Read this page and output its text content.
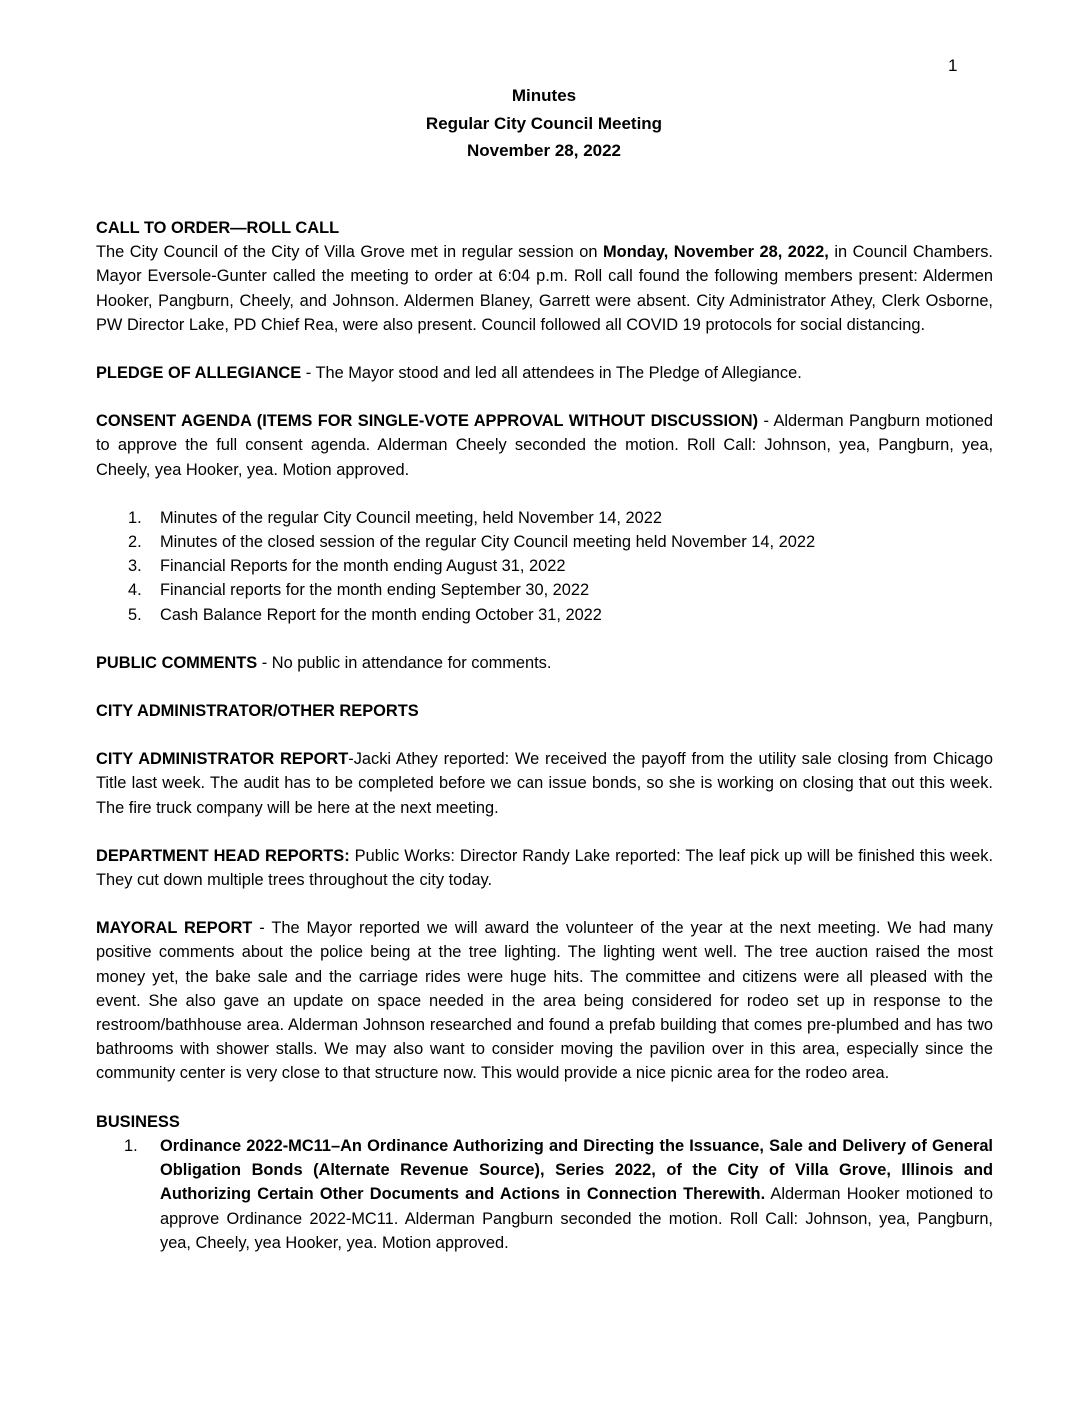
1
Minutes
Regular City Council Meeting
November 28, 2022

CALL TO ORDER—ROLL CALL
The City Council of the City of Villa Grove met in regular session on Monday, November 28, 2022, in Council Chambers. Mayor Eversole-Gunter called the meeting to order at 6:04 p.m. Roll call found the following members present: Aldermen Hooker, Pangburn, Cheely, and Johnson. Aldermen Blaney, Garrett were absent. City Administrator Athey, Clerk Osborne, PW Director Lake, PD Chief Rea, were also present. Council followed all COVID 19 protocols for social distancing.

PLEDGE OF ALLEGIANCE - The Mayor stood and led all attendees in The Pledge of Allegiance.

CONSENT AGENDA (ITEMS FOR SINGLE-VOTE APPROVAL WITHOUT DISCUSSION) - Alderman Pangburn motioned to approve the full consent agenda. Alderman Cheely seconded the motion. Roll Call: Johnson, yea, Pangburn, yea, Cheely, yea Hooker, yea. Motion approved.

1. Minutes of the regular City Council meeting, held November 14, 2022
2. Minutes of the closed session of the regular City Council meeting held November 14, 2022
3. Financial Reports for the month ending August 31, 2022
4. Financial reports for the month ending September 30, 2022
5. Cash Balance Report for the month ending October 31, 2022

PUBLIC COMMENTS - No public in attendance for comments.

CITY ADMINISTRATOR/OTHER REPORTS

CITY ADMINISTRATOR REPORT-Jacki Athey reported: We received the payoff from the utility sale closing from Chicago Title last week. The audit has to be completed before we can issue bonds, so she is working on closing that out this week. The fire truck company will be here at the next meeting.

DEPARTMENT HEAD REPORTS: Public Works: Director Randy Lake reported: The leaf pick up will be finished this week. They cut down multiple trees throughout the city today.

MAYORAL REPORT - The Mayor reported we will award the volunteer of the year at the next meeting. We had many positive comments about the police being at the tree lighting. The lighting went well. The tree auction raised the most money yet, the bake sale and the carriage rides were huge hits. The committee and citizens were all pleased with the event. She also gave an update on space needed in the area being considered for rodeo set up in response to the restroom/bathhouse area. Alderman Johnson researched and found a prefab building that comes pre-plumbed and has two bathrooms with shower stalls. We may also want to consider moving the pavilion over in this area, especially since the community center is very close to that structure now. This would provide a nice picnic area for the rodeo area.

BUSINESS

1. Ordinance 2022-MC11–An Ordinance Authorizing and Directing the Issuance, Sale and Delivery of General Obligation Bonds (Alternate Revenue Source), Series 2022, of the City of Villa Grove, Illinois and Authorizing Certain Other Documents and Actions in Connection Therewith. Alderman Hooker motioned to approve Ordinance 2022-MC11. Alderman Pangburn seconded the motion. Roll Call: Johnson, yea, Pangburn, yea, Cheely, yea Hooker, yea. Motion approved.
